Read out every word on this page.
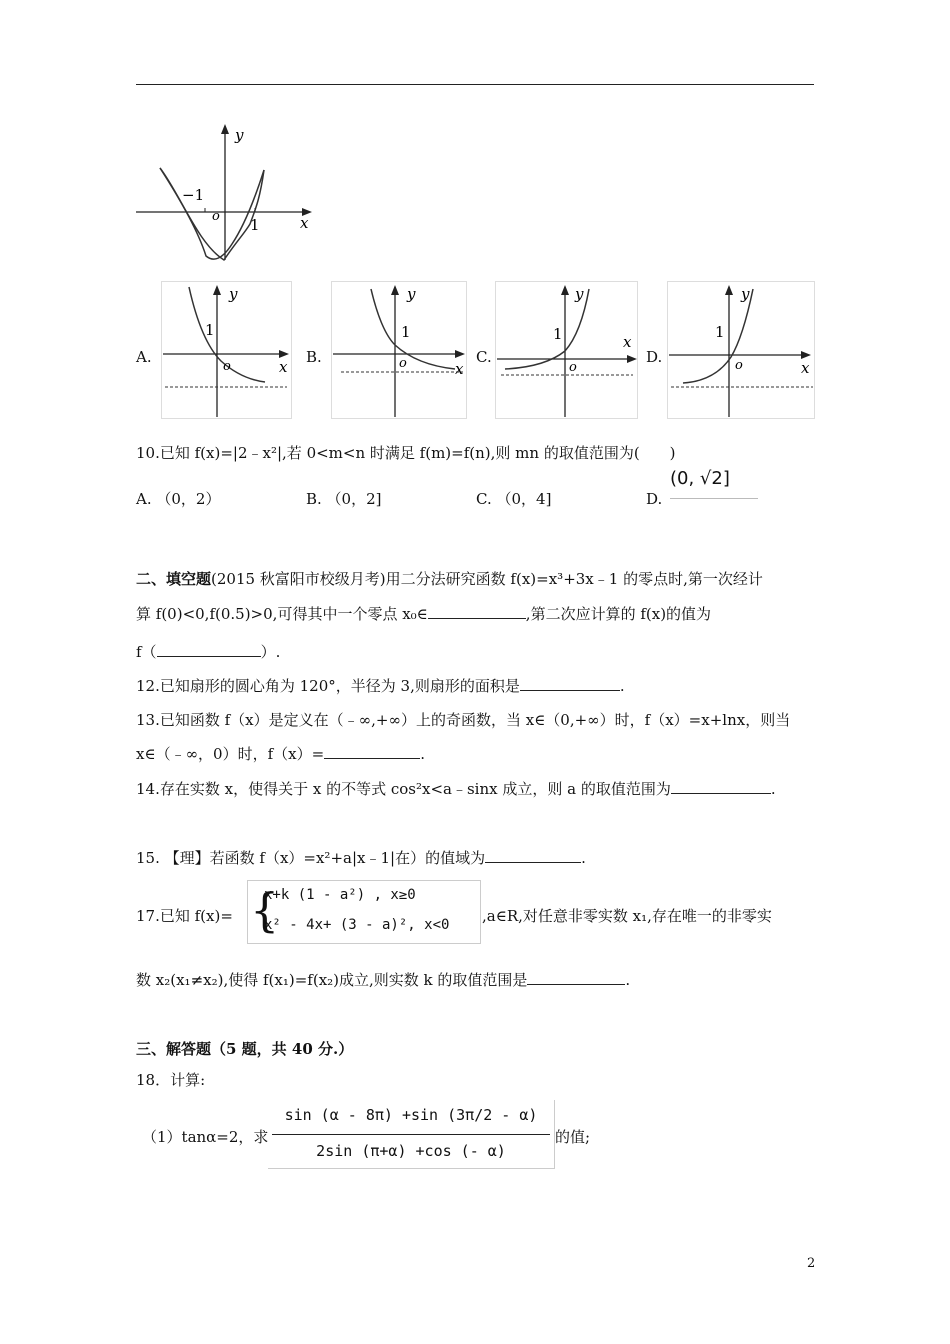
y
x
−1
o 1
A.
y
x
o
1
B.
y
x
o
1
C.
y
x
o
1
D.
y
x
o
1
10.已知 f(x)=|2﹣x²|,若 0<m<n 时满足 f(m)=f(n),则 mn 的取值范围为(　　)
A. （0，2）	B. （0，2]	C. （0，4]	D.
(0, √2]
二、填空题(2015 秋富阳市校级月考)用二分法研究函数 f(x)=x³+3x﹣1 的零点时,第一次经计
算 f(0)<0,f(0.5)>0,可得其中一个零点 x₀∈	,第二次应计算的 f(x)的值为
f（	）.
12.已知扇形的圆心角为 120°，半径为 3,则扇形的面积是	.
13.已知函数 f（x）是定义在（﹣∞,+∞）上的奇函数，当 x∈（0,+∞）时，f（x）=x+lnx，则当
x∈（﹣∞，0）时，f（x）=	.
14.存在实数 x，使得关于 x 的不等式 cos²x<a﹣sinx 成立，则 a 的取值范围为	.
15. 【理】若函数 f（x）=x²+a|x﹣1|在）的值域为	.
17.已知 f(x)= {
x+k (1 - a²) , x≥0
x² - 4x+ (3 - a)², x<0 ,a∈R,对任意非零实数 x₁,存在唯一的非零实
数 x₂(x₁≠x₂),使得 f(x₁)=f(x₂)成立,则实数 k 的取值范围是	.
三、解答题（5 题，共 40 分.）
18．计算:
（1）tanα=2，求
sin (α - 8π) +sin (3π/2 - α)
2sin (π+α) +cos (- α)
的值;
2
